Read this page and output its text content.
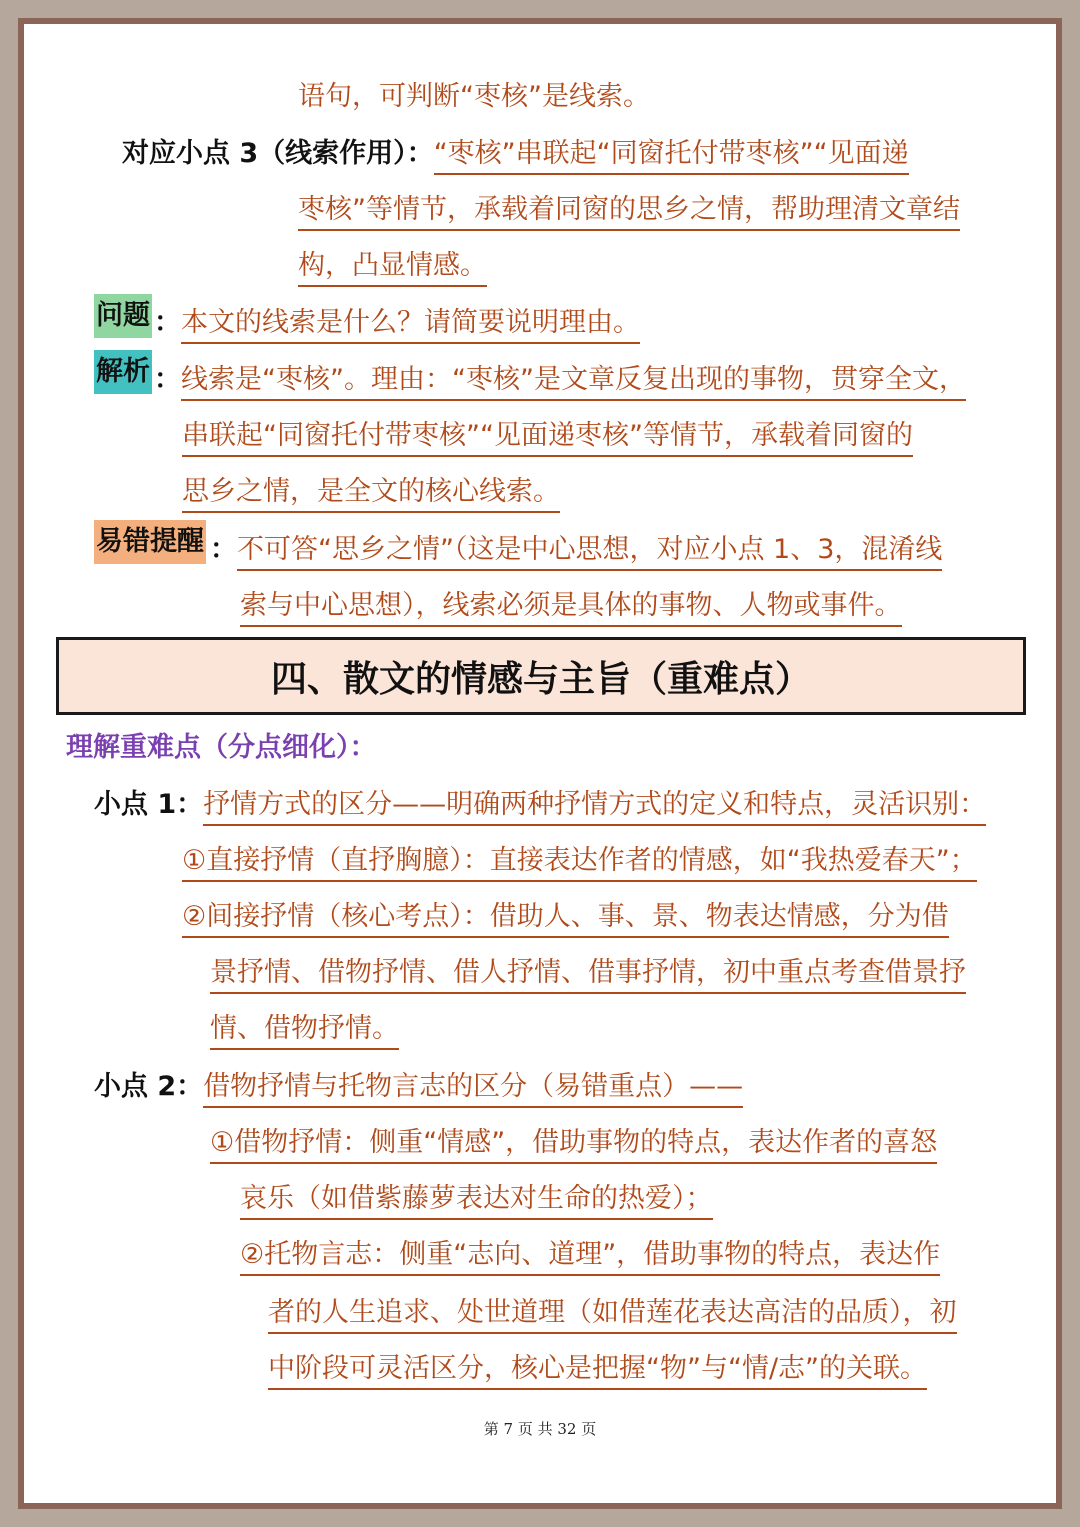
语句，可判断“枣核”是线索。
对应小点 3（线索作用）：“枣核”串联起“同窗托付带枣核”“见面递
枣核”等情节，承载着同窗的思乡之情，帮助理清文章结
构，凸显情感。
问题 ：本文的线索是什么？请简要说明理由。
解析 ：线索是“枣核”。理由：“枣核”是文章反复出现的事物，贯穿全文，
串联起“同窗托付带枣核”“见面递枣核”等情节，承载着同窗的
思乡之情，是全文的核心线索。
易错提醒 ：不可答“思乡之情”（这是中心思想，对应小点 1、3，混淆线
索与中心思想），线索必须是具体的事物、人物或事件。
四、散文的情感与主旨（重难点）
理解重难点（分点细化）：
小点 1：抒情方式的区分——明确两种抒情方式的定义和特点，灵活识别：
①直接抒情（直抒胸臆）：直接表达作者的情感，如“我热爱春天”；
②间接抒情（核心考点）：借助人、事、景、物表达情感，分为借
景抒情、借物抒情、借人抒情、借事抒情，初中重点考查借景抒
情、借物抒情。
小点 2：借物抒情与托物言志的区分（易错重点）——
①借物抒情：侧重“情感”，借助事物的特点，表达作者的喜怒
哀乐（如借紫藤萝表达对生命的热爱）；
②托物言志：侧重“志向、道理”，借助事物的特点，表达作
者的人生追求、处世道理（如借莲花表达高洁的品质），初
中阶段可灵活区分，核心是把握“物”与“情/志”的关联。
第 7 页 共 32 页
